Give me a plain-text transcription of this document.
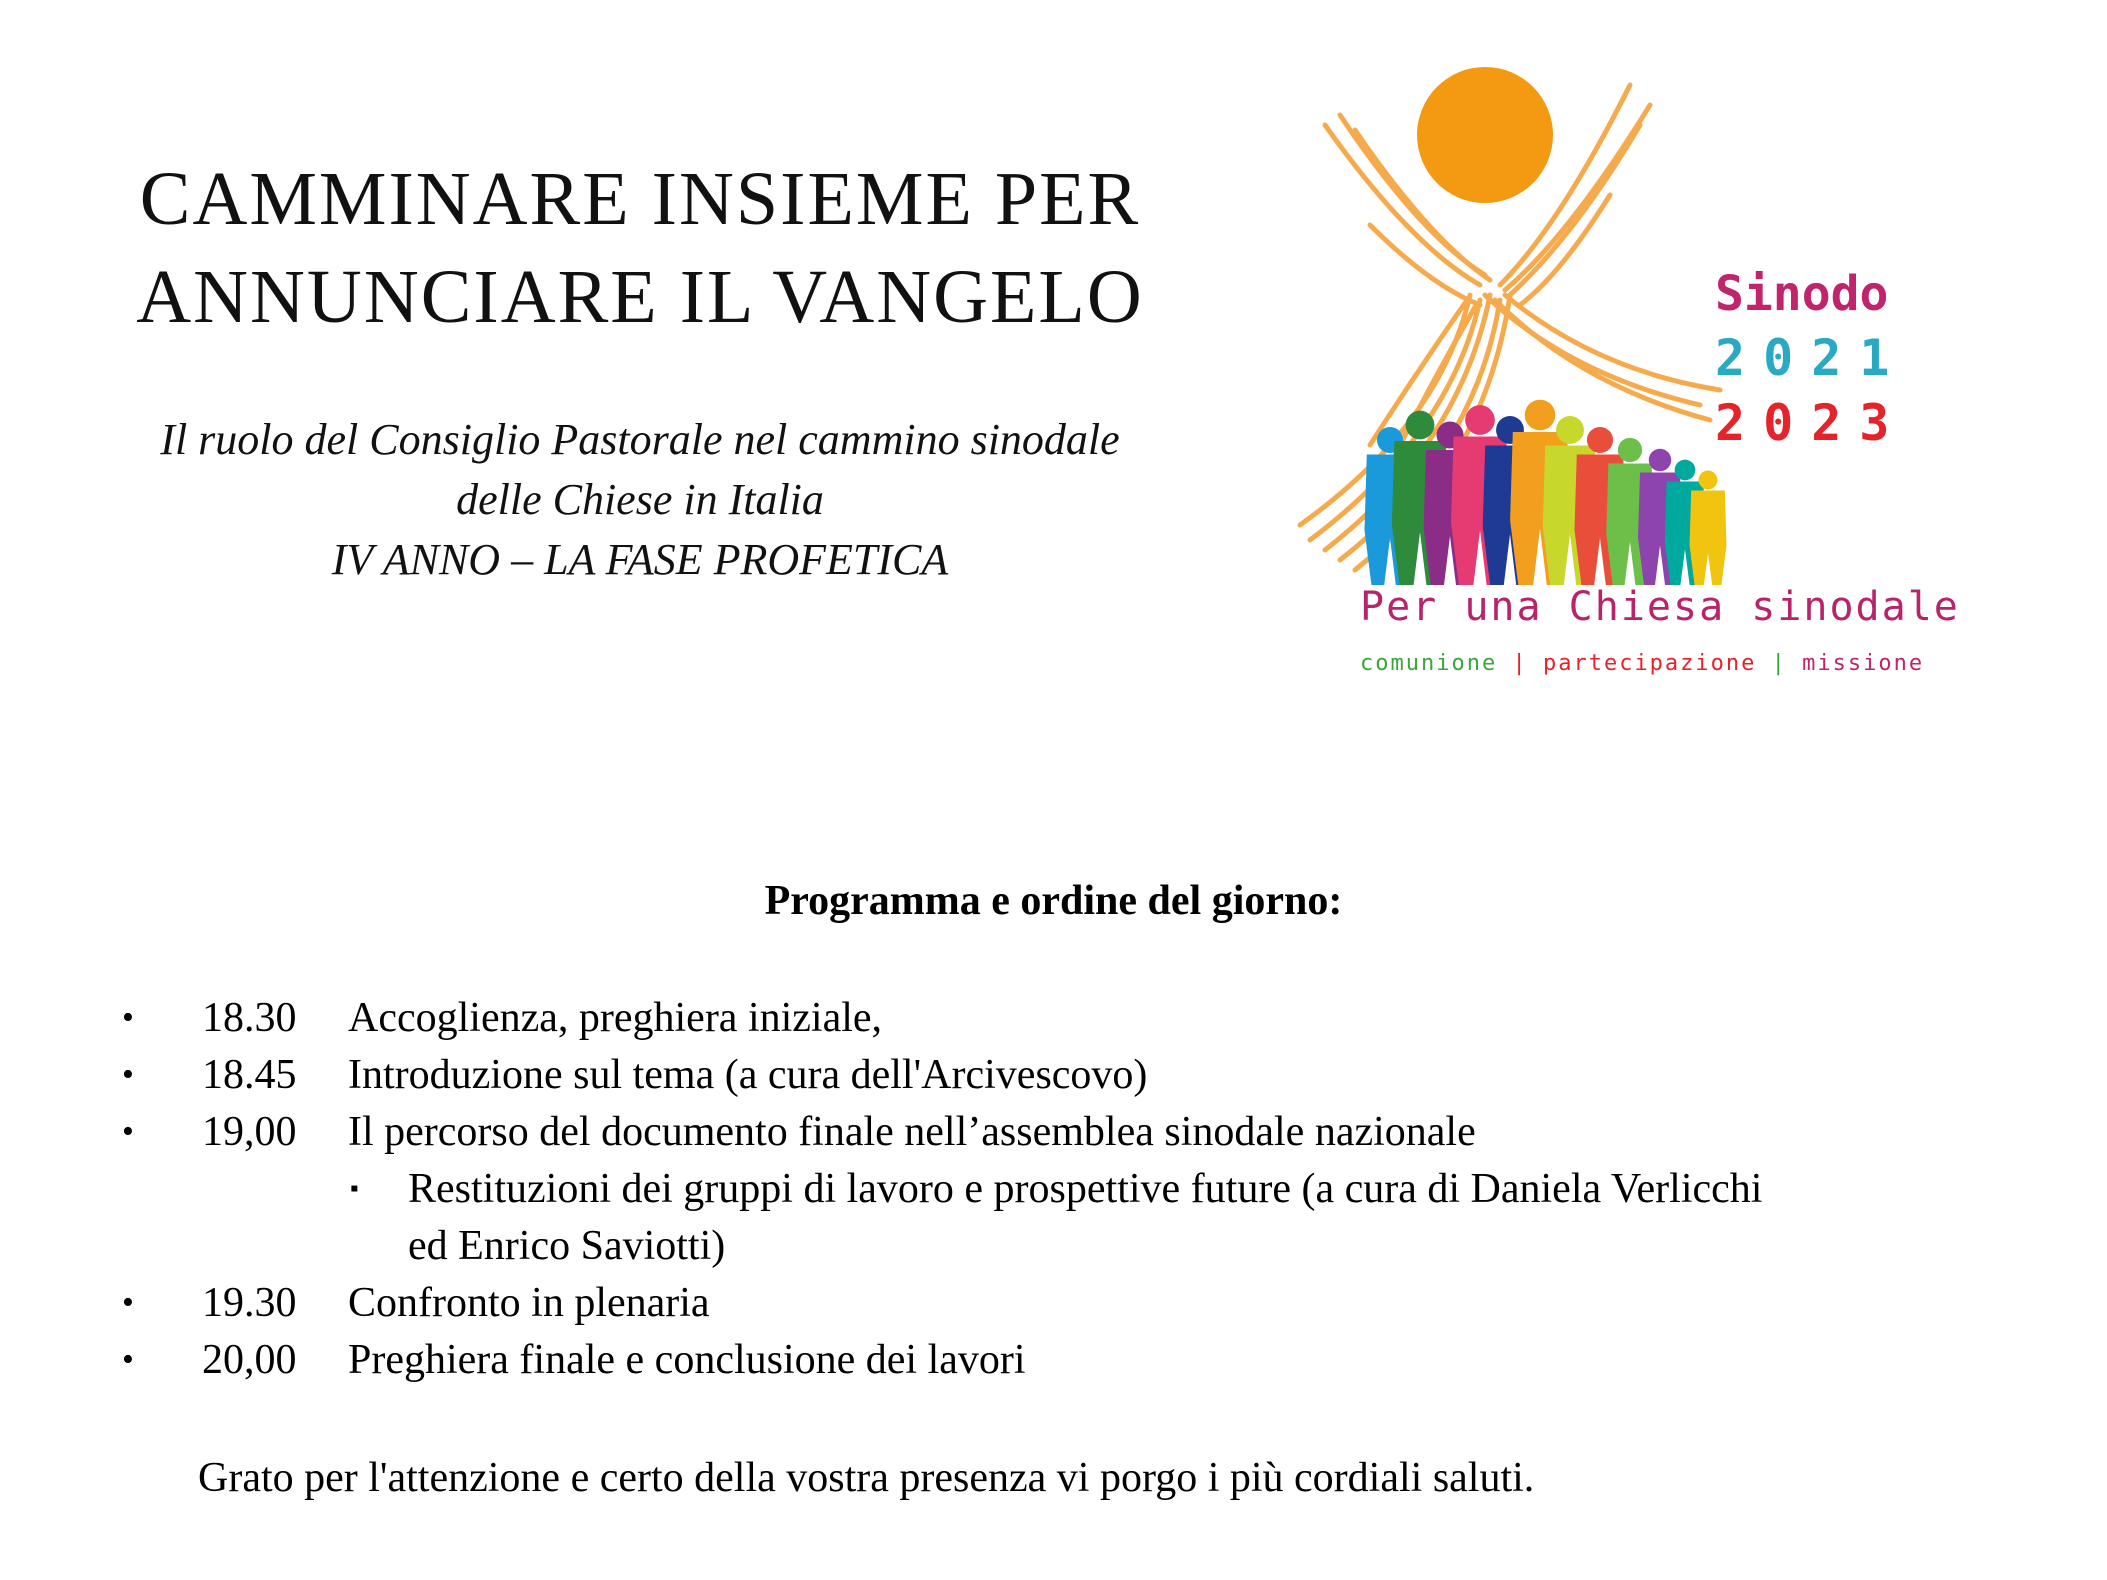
CAMMINARE INSIEME PER
ANNUNCIARE IL VANGELO
Il ruolo del Consiglio Pastorale nel cammino sinodale
delle Chiese in Italia
IV ANNO – LA FASE PROFETICA
Sinodo
2021
2023
Per una Chiesa sinodale
comunione | partecipazione | missione
Programma e ordine del giorno:
• 18.30 Accoglienza, preghiera iniziale,
• 18.45 Introduzione sul tema (a cura dell'Arcivescovo)
• 19,00 Il percorso del documento finale nell’assemblea sinodale nazionale
▪ Restituzioni dei gruppi di lavoro e prospettive future (a cura di Daniela Verlicchi
ed Enrico Saviotti)
• 19.30 Confronto in plenaria
• 20,00 Preghiera finale e conclusione dei lavori
Grato per l'attenzione e certo della vostra presenza vi porgo i più cordiali saluti.
